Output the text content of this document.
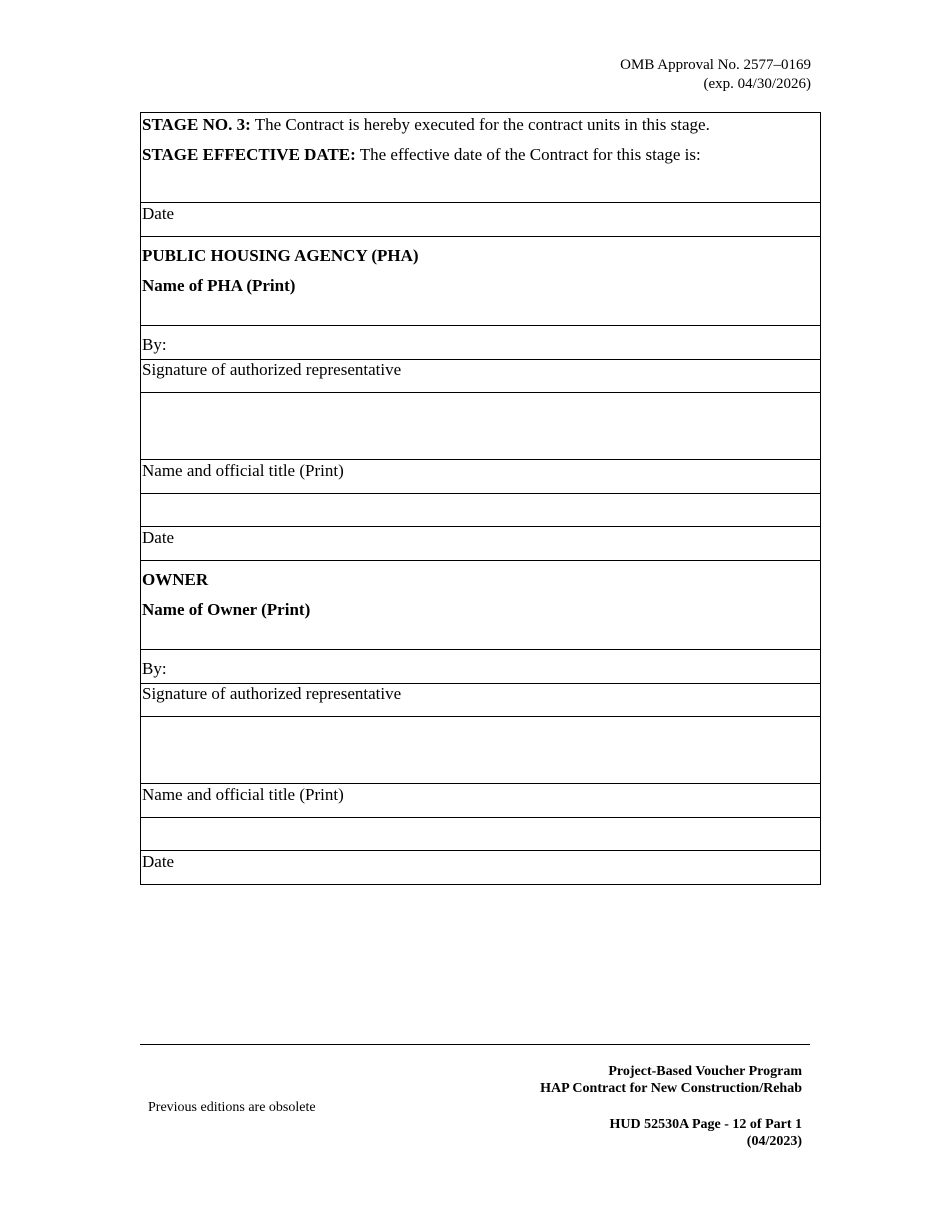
OMB Approval No. 2577–0169
(exp. 04/30/2026)
STAGE NO. 3: The Contract is hereby executed for the contract units in this stage.
STAGE EFFECTIVE DATE: The effective date of the Contract for this stage is:

Date

PUBLIC HOUSING AGENCY (PHA)
Name of PHA (Print)

By:
Signature of authorized representative

Name and official title (Print)

Date

OWNER
Name of Owner (Print)

By:
Signature of authorized representative

Name and official title (Print)

Date
Previous editions are obsolete
Project-Based Voucher Program
HAP Contract for New Construction/Rehab
HUD 52530A Page - 12 of Part 1
(04/2023)
